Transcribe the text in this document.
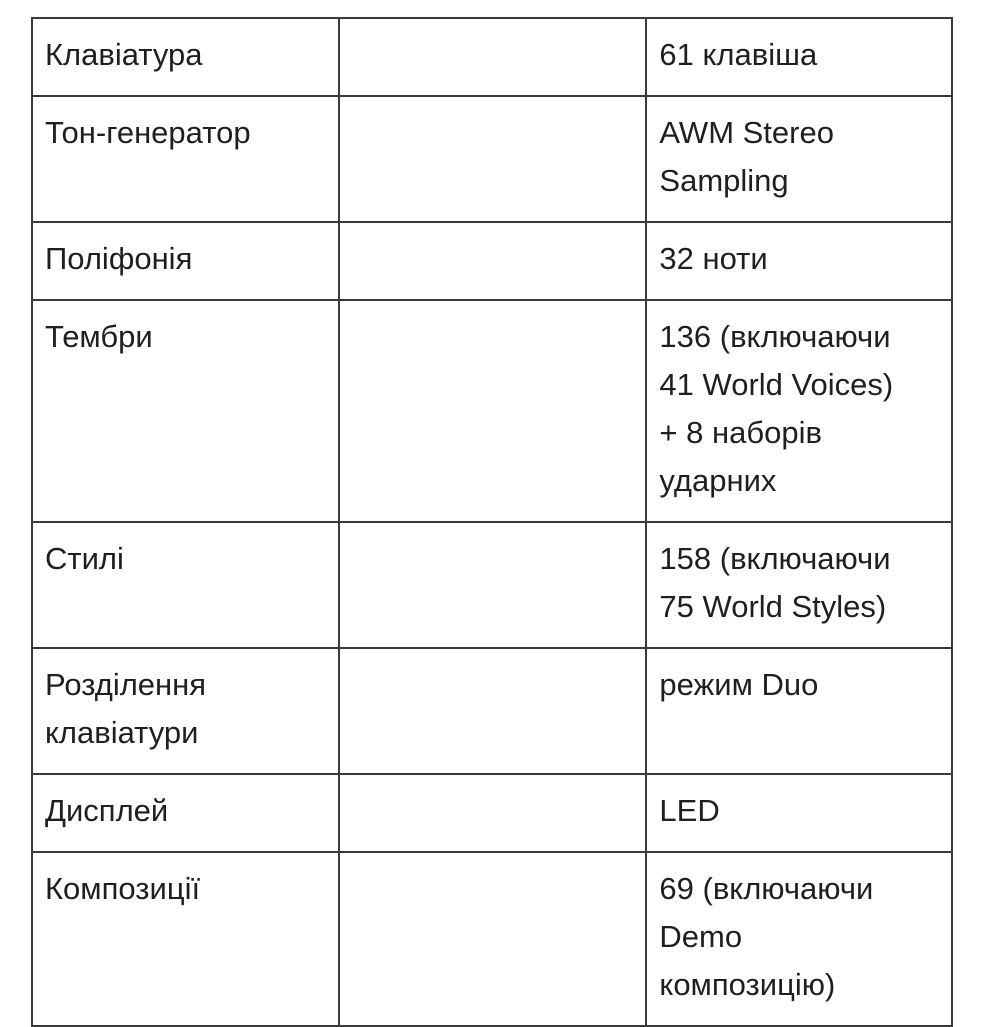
Клавіатура		61 клавіша

Тон-генератор		AWM Stereo
Sampling

Поліфонія		32 ноти

Тембри		136 (включаючи
41 World Voices)
+ 8 наборів
ударних

Стилі		158 (включаючи
75 World Styles)

Розділення клавіатури		режим Duo

Дисплей		LED

Композиції		69 (включаючи
Demo
композицію)
